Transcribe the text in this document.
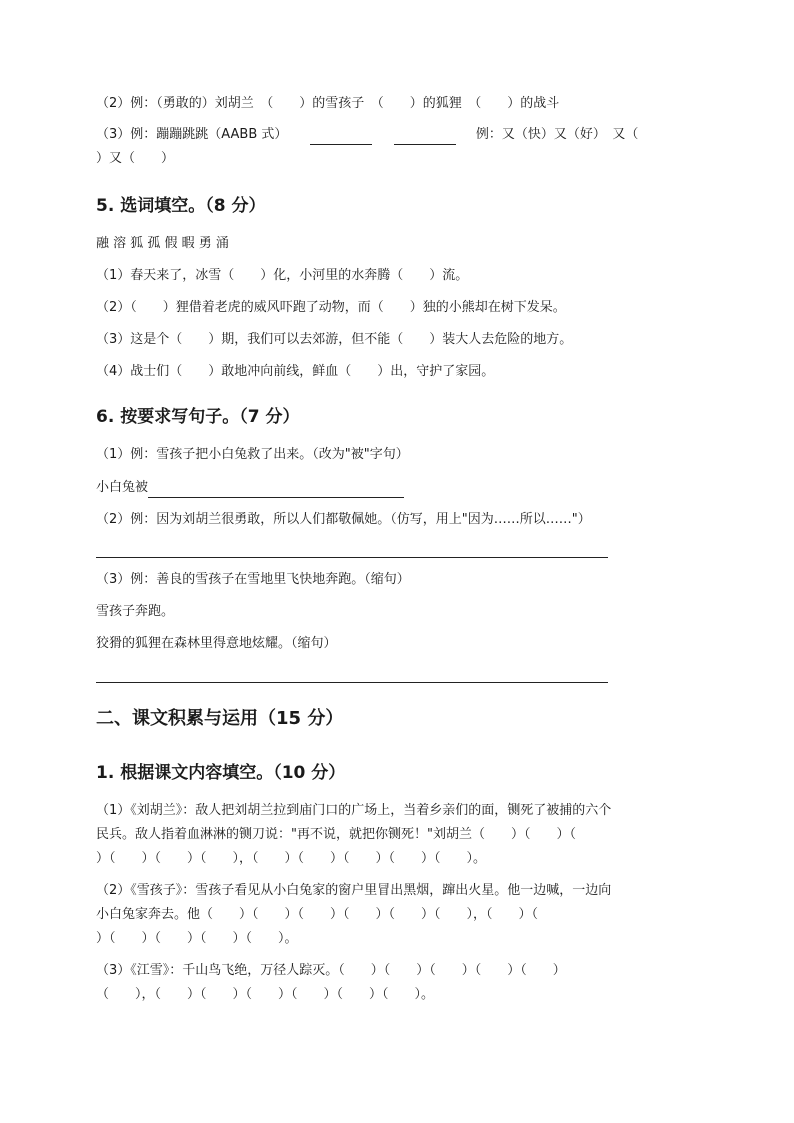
（2）例：（勇敢的）刘胡兰　（　　）的雪孩子　（　　）的狐狸　（　　）的战斗
（3）例：蹦蹦跳跳（AABB 式）	例：又（快）又（好）　又（
）又（　　）
5. 选词填空。（8 分）
融 溶 狐 孤 假 暇 勇 涌
（1）春天来了，冰雪（　　）化，小河里的水奔腾（　　）流。
（2）（　　）狸借着老虎的威风吓跑了动物，而（　　）独的小熊却在树下发呆。
（3）这是个（　　）期，我们可以去郊游，但不能（　　）装大人去危险的地方。
（4）战士们（　　）敢地冲向前线，鲜血（　　）出，守护了家园。
6. 按要求写句子。（7 分）
（1）例：雪孩子把小白兔救了出来。（改为"被"字句）
小白兔被
（2）例：因为刘胡兰很勇敢，所以人们都敬佩她。（仿写，用上"因为……所以……"）
（3）例：善良的雪孩子在雪地里飞快地奔跑。（缩句）
雪孩子奔跑。
狡猾的狐狸在森林里得意地炫耀。（缩句）
二、课文积累与运用（15 分）
1. 根据课文内容填空。（10 分）
（1）《刘胡兰》：敌人把刘胡兰拉到庙门口的广场上，当着乡亲们的面，铡死了被捕的六个
民兵。敌人指着血淋淋的铡刀说："再不说，就把你铡死！"刘胡兰（　　）（　　）（
）（　　）（　　）（　　），（　　）（　　）（　　）（　　）（　　）。
（2）《雪孩子》：雪孩子看见从小白兔家的窗户里冒出黑烟，蹿出火星。他一边喊，一边向
小白兔家奔去。他（　　）（　　）（　　）（　　）（　　）（　　），（　　）（
）（　　）（　　）（　　）（　　）。
（3）《江雪》：千山鸟飞绝，万径人踪灭。（　　）（　　）（　　）（　　）（　　）
（　　），（　　）（　　）（　　）（　　）（　　）（　　）。
